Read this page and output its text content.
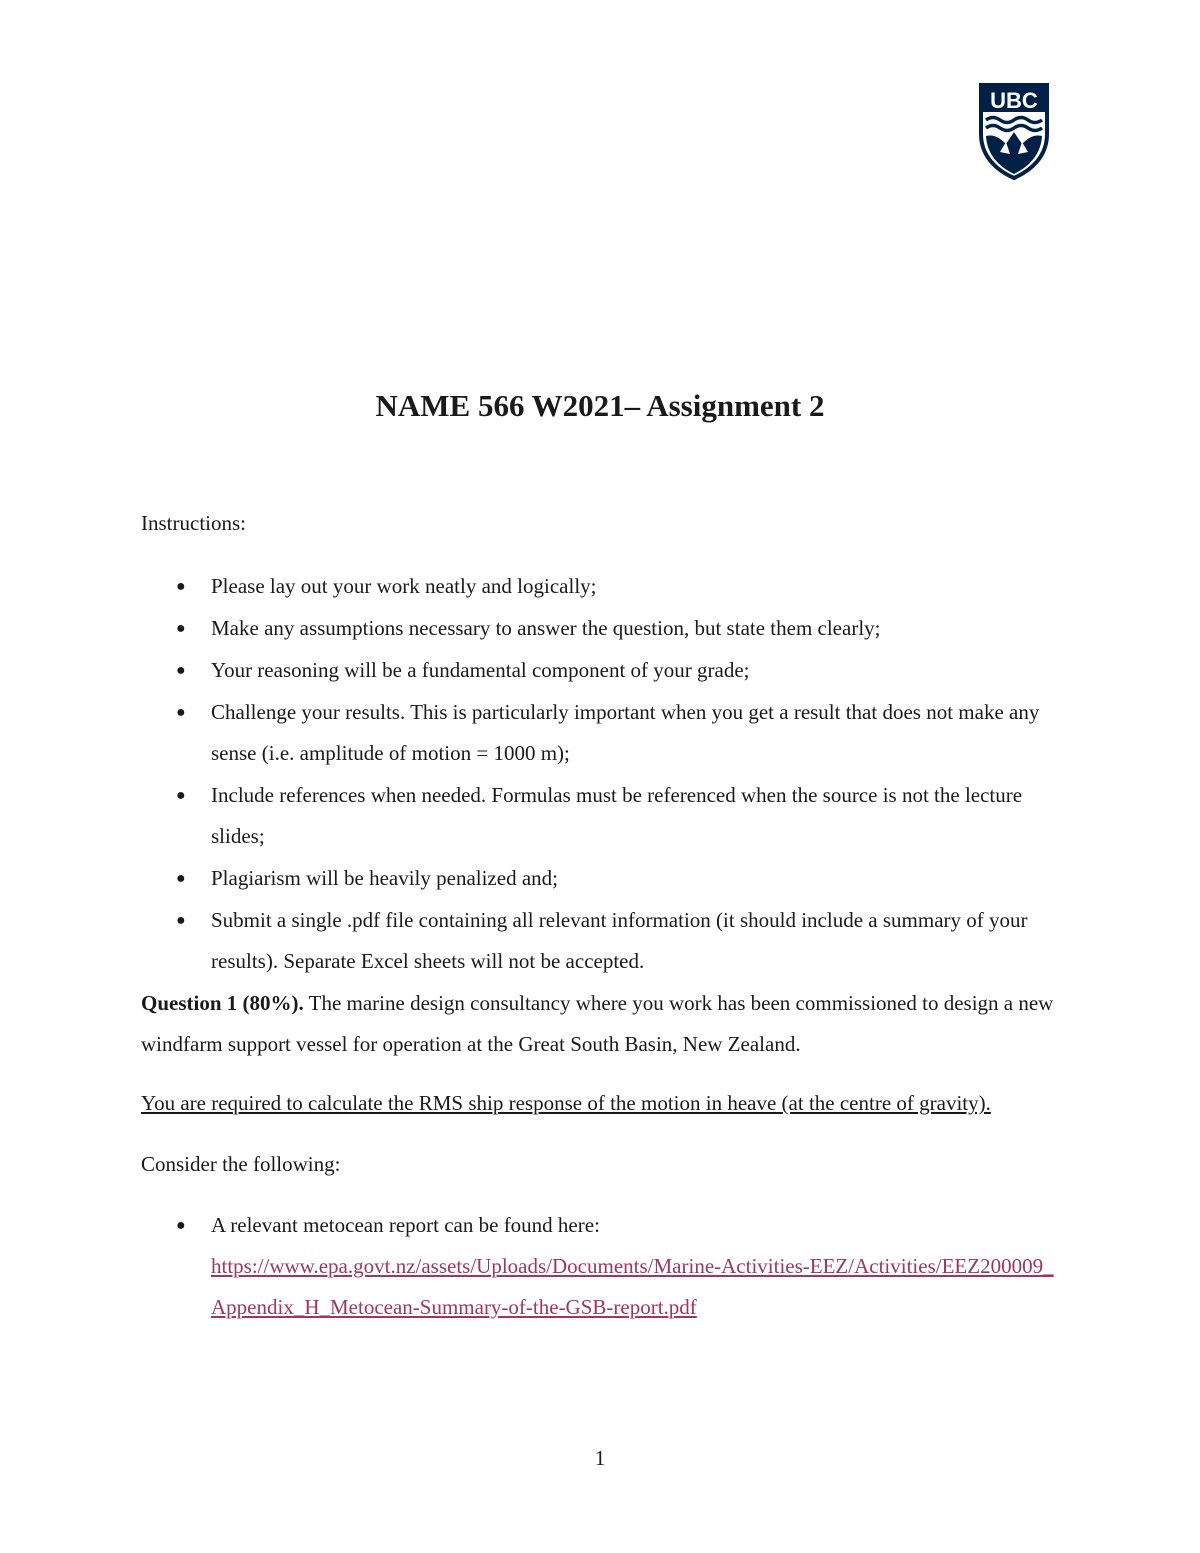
UBC
NAME 566 W2021– Assignment 2

Instructions:

● Please lay out your work neatly and logically;
● Make any assumptions necessary to answer the question, but state them clearly;
● Your reasoning will be a fundamental component of your grade;
● Challenge your results. This is particularly important when you get a result that does not make any sense (i.e. amplitude of motion = 1000 m);
● Include references when needed. Formulas must be referenced when the source is not the lecture slides;
● Plagiarism will be heavily penalized and;
● Submit a single .pdf file containing all relevant information (it should include a summary of your results). Separate Excel sheets will not be accepted.

Question 1 (80%). The marine design consultancy where you work has been commissioned to design a new windfarm support vessel for operation at the Great South Basin, New Zealand.

You are required to calculate the RMS ship response of the motion in heave (at the centre of gravity).

Consider the following:

● A relevant metocean report can be found here:
https://www.epa.govt.nz/assets/Uploads/Documents/Marine-Activities-EEZ/Activities/EEZ200009_Appendix_H_Metocean-Summary-of-the-GSB-report.pdf
1
